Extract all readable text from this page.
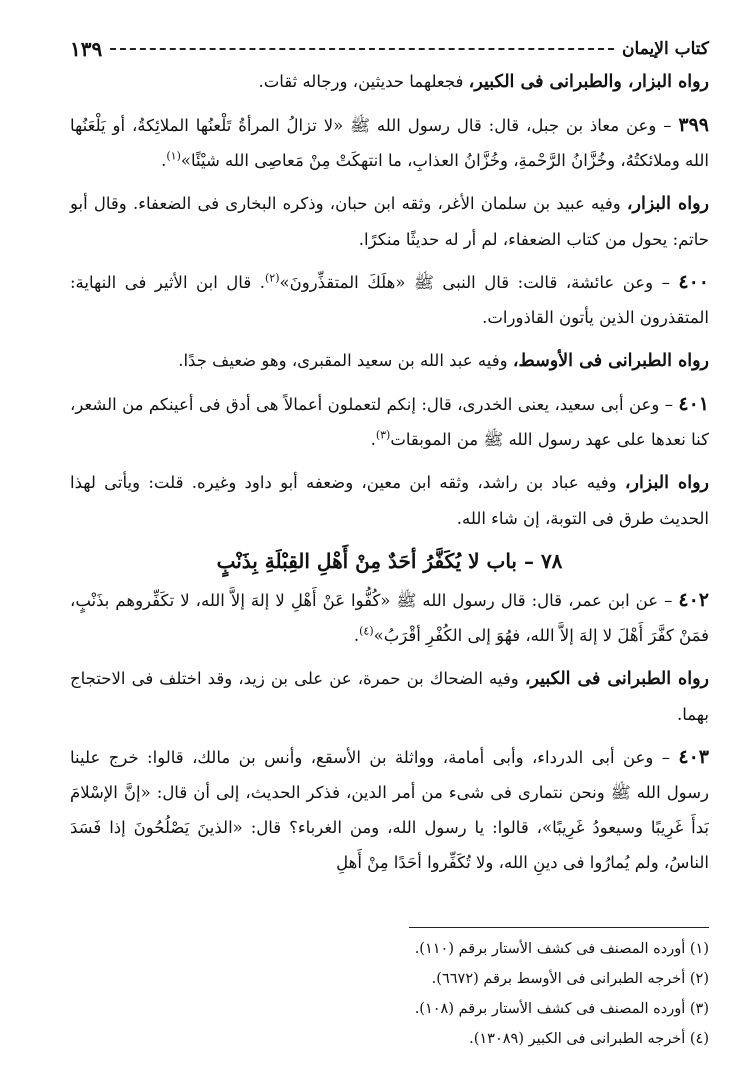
كتاب الإيمان
١٣٩

رواه البزار، والطبرانى فى الكبير، فجعلهما حديثين، ورجاله ثقات.

٣٩٩ – وعن معاذ بن جبل، قال: قال رسول الله ﷺ «لا تزالُ المرأةُ تَلْعنُها الملائِكةُ، أو يَلْعَنُها الله وملائكتُهُ، وخُزَّانُ الرَّحْمةِ، وخُزَّانُ العذابِ، ما انتهكَتْ مِنْ مَعاصِى الله شيْئًا»$^{(١)}$.

رواه البزار، وفيه عبيد بن سلمان الأغر، وثقه ابن حبان، وذكره البخارى فى الضعفاء. وقال أبو حاتم: يحول من كتاب الضعفاء، لم أر له حديثًا منكرًا.

٤٠٠ – وعن عائشة، قالت: قال النبى ﷺ «هلَكَ المتقذِّرونَ»$^{(٢)}$. قال ابن الأثير فى النهاية: المتقذرون الذين يأتون القاذورات.

رواه الطبرانى فى الأوسط، وفيه عبد الله بن سعيد المقبرى، وهو ضعيف جدًا.

٤٠١ – وعن أبى سعيد، يعنى الخدرى، قال: إنكم لتعملون أعمالاً هى أدق فى أعينكم من الشعر، كنا نعدها على عهد رسول الله ﷺ من الموبقات$^{(٣)}$.

رواه البزار، وفيه عباد بن راشد، وثقه ابن معين، وضعفه أبو داود وغيره. قلت: ويأتى لهذا الحديث طرق فى التوبة، إن شاء الله.

٧٨ – باب لا يُكَفَّرُ أحَدٌ مِنْ أَهْلِ القِبْلَةِ بِذَنْبٍ

٤٠٢ – عن ابن عمر، قال: قال رسول الله ﷺ «كُفُّوا عَنْ أَهْلِ لا إلهَ إلاَّ الله، لا تكَفِّروهم بذَنْبٍ، فمَنْ كفَّرَ أَهْلَ لا إلهَ إلاَّ الله، فهُوَ إلى الكُفْرِ أقْرَبُ»$^{(٤)}$.

رواه الطبرانى فى الكبير، وفيه الضحاك بن حمرة، عن على بن زيد، وقد اختلف فى الاحتجاج بهما.

٤٠٣ – وعن أبى الدرداء، وأبى أمامة، وواثلة بن الأسقع، وأنس بن مالك، قالوا: خرج علينا رسول الله ﷺ ونحن نتمارى فى شىء من أمر الدين، فذكر الحديث، إلى أن قال: «إنَّ الإسْلامَ بَدأَ غَرِيبًا وسيعودُ غَرِيبًا»، قالوا: يا رسول الله، ومن الغرباء؟ قال: «الذينَ يَصْلُحُونَ إذا فَسَدَ الناسُ، ولم يُمارُوا فى دينِ الله، ولا تُكَفِّروا أحَدًا مِنْ أَهلِ

(١) أورده المصنف فى كشف الأستار برقم (١١٠).
(٢) أخرجه الطبرانى فى الأوسط برقم (٦٦٧٢).
(٣) أورده المصنف فى كشف الأستار برقم (١٠٨).
(٤) أخرجه الطبرانى فى الكبير (١٣٠٨٩).
